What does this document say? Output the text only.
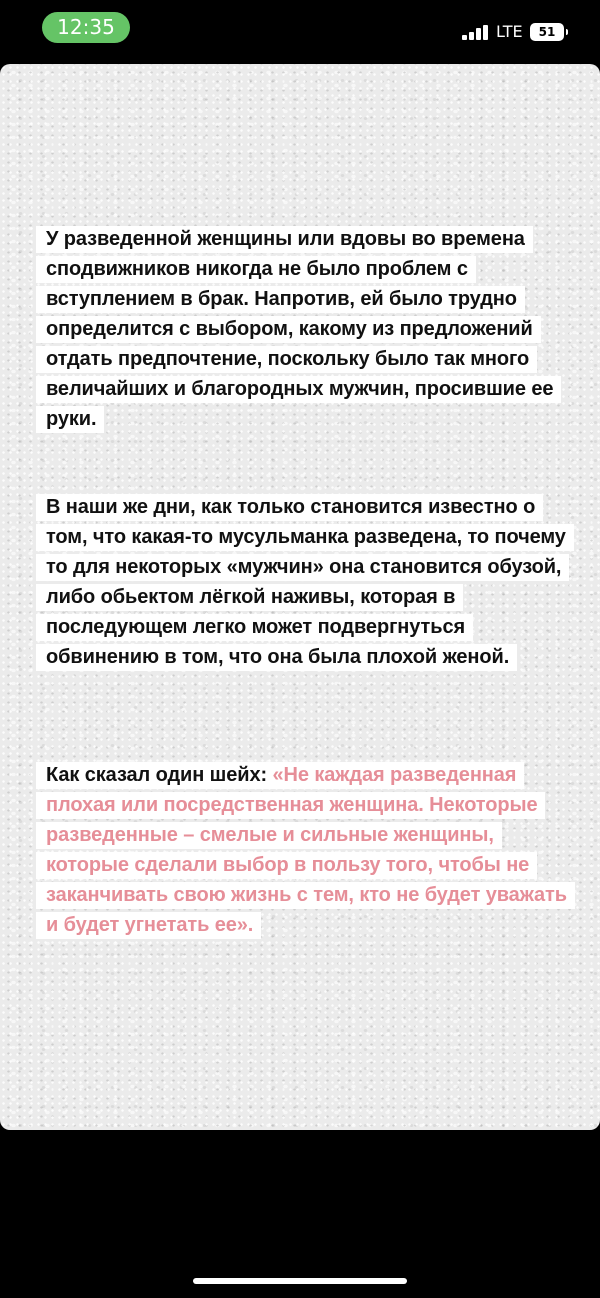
12:35	LTE	51

У разведенной женщины или вдовы во времена сподвижников никогда не было проблем с вступлением в брак. Напротив, ей было трудно определится с выбором, какому из предложений отдать предпочтение, поскольку было так много величайших и благородных мужчин, просившие ее руки.

В наши же дни, как только становится известно о том, что какая-то мусульманка разведена, то почему то для некоторых «мужчин» она становится обузой, либо обьектом лёгкой наживы, которая в последующем легко может подвергнуться обвинению в том, что она была плохой женой.

Как сказал один шейх: «Не каждая разведенная плохая или посредственная женщина. Некоторые разведенные – смелые и сильные женщины, которые сделали выбор в пользу того, чтобы не заканчивать свою жизнь с тем, кто не будет уважать и будет угнетать ее».
